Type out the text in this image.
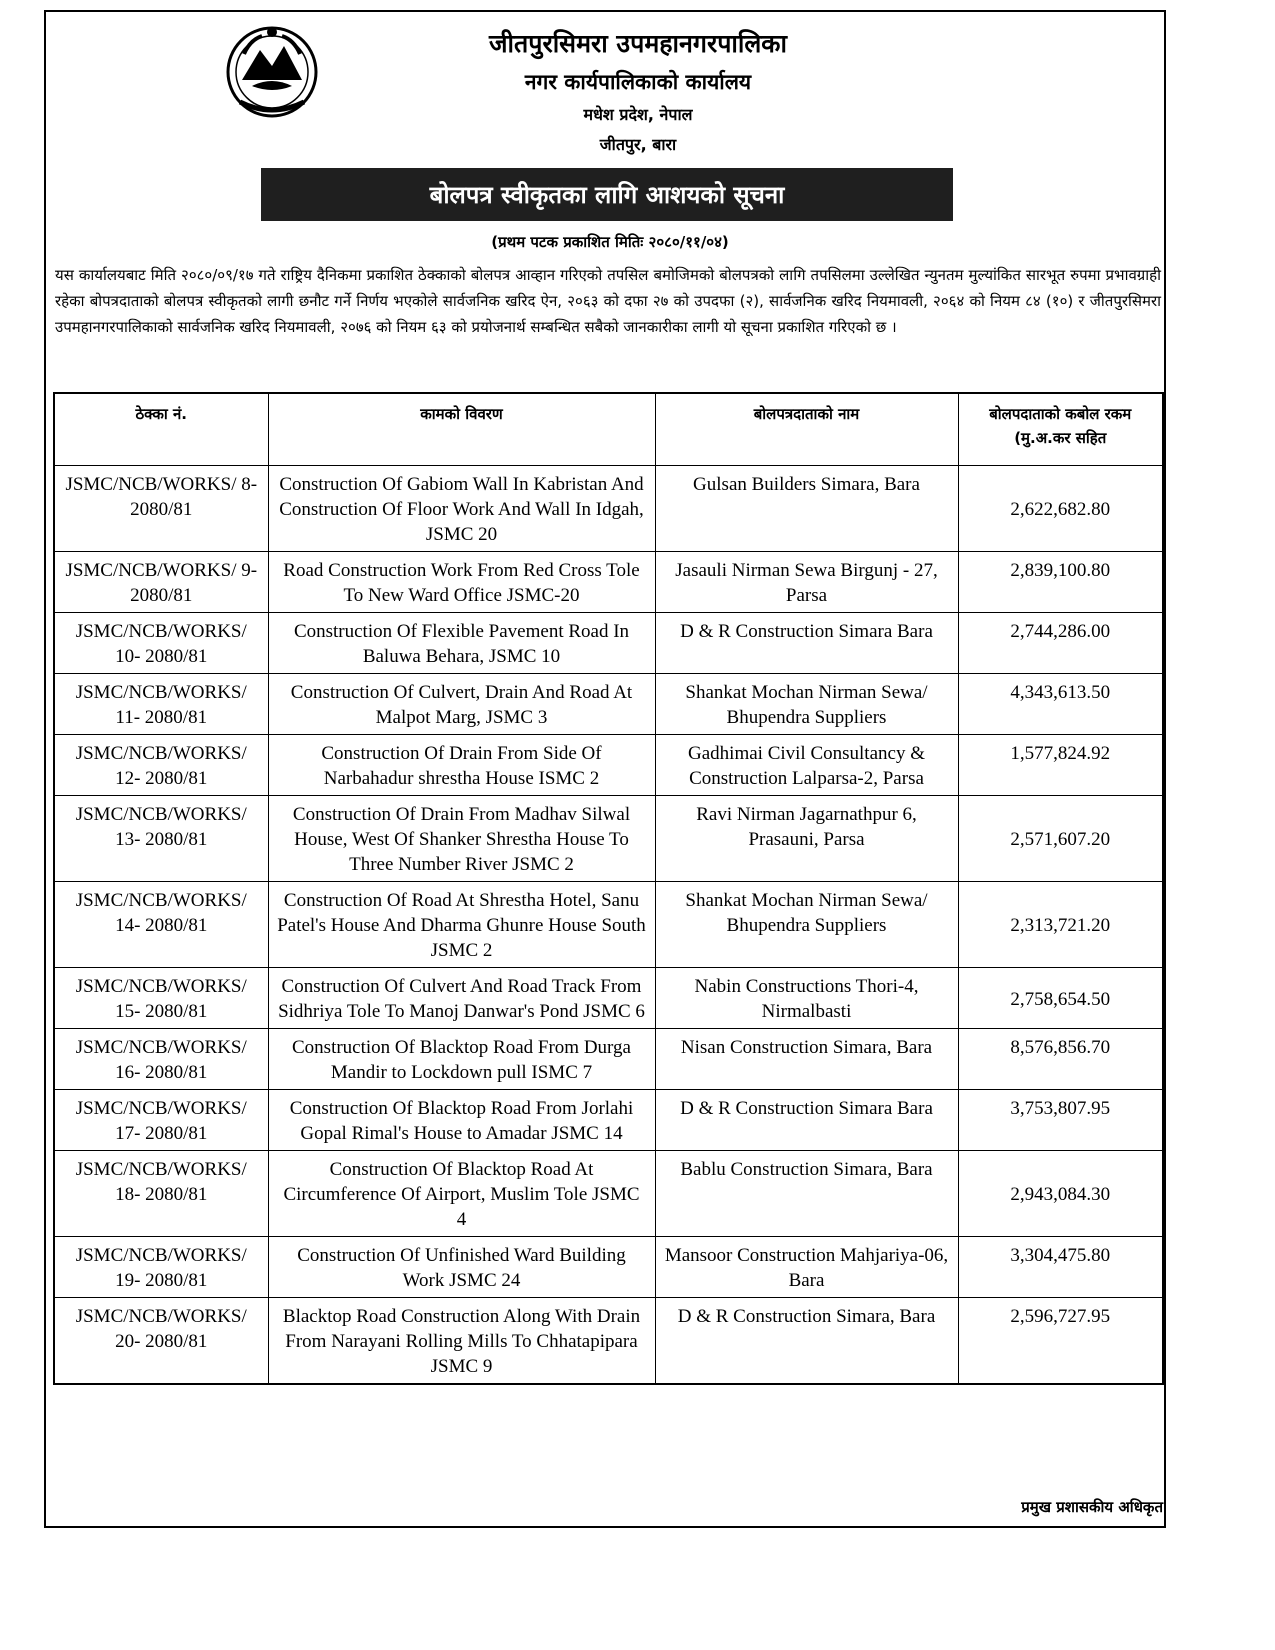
जीतपुरसिमरा उपमहानगरपालिका
नगर कार्यपालिकाको कार्यालय
मधेश प्रदेश, नेपाल
जीतपुर, बारा
बोलपत्र स्वीकृतका लागि आशयको सूचना
(प्रथम पटक प्रकाशित मितिः २०८०/११/०४)
यस कार्यालयबाट मिति २०८०/०९/१७ गते राष्ट्रिय दैनिकमा प्रकाशित ठेक्काको बोलपत्र आव्हान गरिएको तपसिल बमोजिमको बोलपत्रको लागि तपसिलमा उल्लेखित न्युनतम मुल्यांकित सारभूत रुपमा प्रभावग्राही रहेका बोपत्रदाताको बोलपत्र स्वीकृतको लागी छनौट गर्ने निर्णय भएकोले सार्वजनिक खरिद ऐन, २०६३ को दफा २७ को उपदफा (२), सार्वजनिक खरिद नियमावली, २०६४ को नियम ८४ (१०) र जीतपुरसिमरा उपमहानगरपालिकाको सार्वजनिक खरिद नियमावली, २०७६ को नियम ६३ को प्रयोजनार्थ सम्बन्धित सबैको जानकारीका लागी यो सूचना प्रकाशित गरिएको छ ।
ठेक्का नं.	कामको विवरण	बोलपत्रदाताको नाम	बोलपदाताको कबोल रकम (मु.अ.कर सहित
JSMC/NCB/WORKS/ 8- 2080/81	Construction Of Gabiom Wall In Kabristan And Construction Of Floor Work And Wall In Idgah, JSMC 20	Gulsan Builders Simara, Bara	2,622,682.80
JSMC/NCB/WORKS/ 9- 2080/81	Road Construction Work From Red Cross Tole To New Ward Office JSMC-20	Jasauli Nirman Sewa Birgunj - 27, Parsa	2,839,100.80
JSMC/NCB/WORKS/ 10- 2080/81	Construction Of Flexible Pavement Road In Baluwa Behara, JSMC 10	D & R Construction Simara Bara	2,744,286.00
JSMC/NCB/WORKS/ 11- 2080/81	Construction Of Culvert, Drain And Road At Malpot Marg, JSMC 3	Shankat Mochan Nirman Sewa/ Bhupendra Suppliers	4,343,613.50
JSMC/NCB/WORKS/ 12- 2080/81	Construction Of Drain From Side Of Narbahadur shrestha House ISMC 2	Gadhimai Civil Consultancy & Construction Lalparsa-2, Parsa	1,577,824.92
JSMC/NCB/WORKS/ 13- 2080/81	Construction Of Drain From Madhav Silwal House, West Of Shanker Shrestha House To Three Number River JSMC 2	Ravi Nirman Jagarnathpur 6, Prasauni, Parsa	2,571,607.20
JSMC/NCB/WORKS/ 14- 2080/81	Construction Of Road At Shrestha Hotel, Sanu Patel's House And Dharma Ghunre House South JSMC 2	Shankat Mochan Nirman Sewa/ Bhupendra Suppliers	2,313,721.20
JSMC/NCB/WORKS/ 15- 2080/81	Construction Of Culvert And Road Track From Sidhriya Tole To Manoj Danwar's Pond JSMC 6	Nabin Constructions Thori-4, Nirmalbasti	2,758,654.50
JSMC/NCB/WORKS/ 16- 2080/81	Construction Of Blacktop Road From Durga Mandir to Lockdown pull ISMC 7	Nisan Construction Simara, Bara	8,576,856.70
JSMC/NCB/WORKS/ 17- 2080/81	Construction Of Blacktop Road From Jorlahi Gopal Rimal's House to Amadar JSMC 14	D & R Construction Simara Bara	3,753,807.95
JSMC/NCB/WORKS/ 18- 2080/81	Construction Of Blacktop Road At Circumference Of Airport, Muslim Tole JSMC 4	Bablu Construction Simara, Bara	2,943,084.30
JSMC/NCB/WORKS/ 19- 2080/81	Construction Of Unfinished Ward Building Work JSMC 24	Mansoor Construction Mahjariya-06, Bara	3,304,475.80
JSMC/NCB/WORKS/ 20- 2080/81	Blacktop Road Construction Along With Drain From Narayani Rolling Mills To Chhatapipara JSMC 9	D & R Construction Simara, Bara	2,596,727.95
प्रमुख प्रशासकीय अधिकृत
